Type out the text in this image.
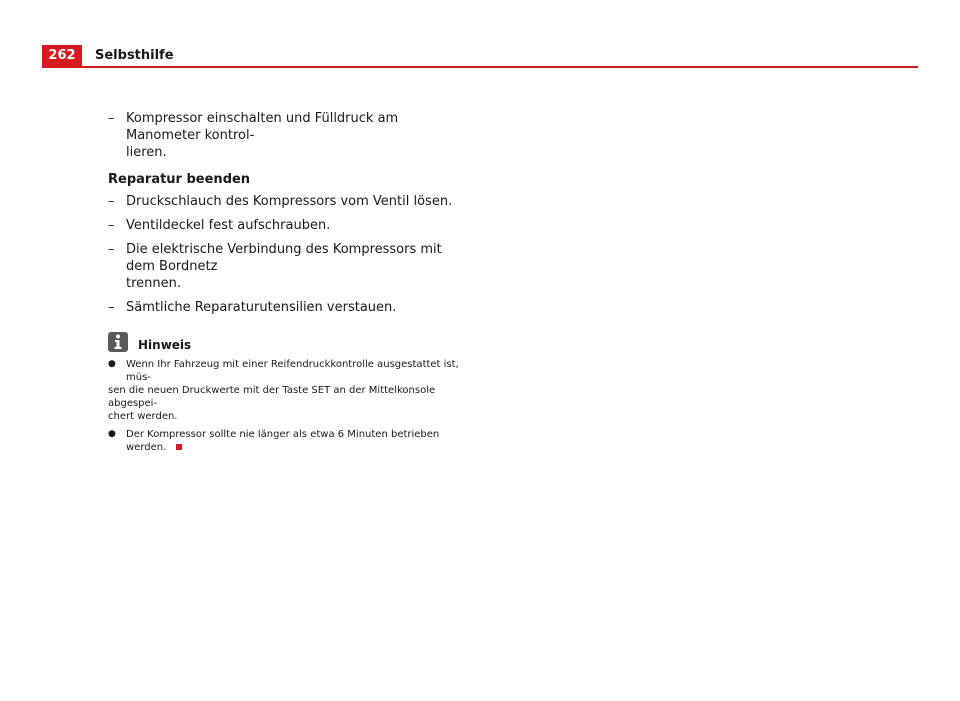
262	Selbsthilfe
– Kompressor einschalten und Fülldruck am Manometer kontrol-
lieren.
Reparatur beenden
– Druckschlauch des Kompressors vom Ventil lösen.
– Ventildeckel fest aufschrauben.
– Die elektrische Verbindung des Kompressors mit dem Bordnetz
trennen.
– Sämtliche Reparaturutensilien verstauen.
Hinweis
● Wenn Ihr Fahrzeug mit einer Reifendruckkontrolle ausgestattet ist, müs-
sen die neuen Druckwerte mit der Taste SET an der Mittelkonsole abgespei-
chert werden.
● Der Kompressor sollte nie länger als etwa 6 Minuten betrieben werden.
